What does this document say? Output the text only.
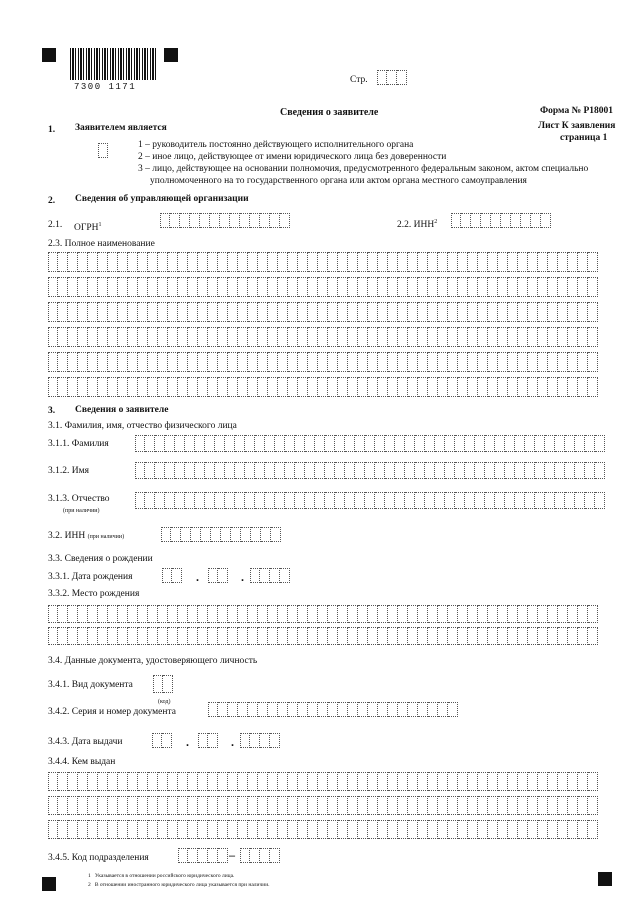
7300 1171
Стр.
Сведения о заявителе	Форма № Р18001
Лист К заявления
страница 1
1. Заявителем является
1 – руководитель постоянно действующего исполнительного органа
2 – иное лицо, действующее от имени юридического лица без доверенности
3 – лицо, действующее на основании полномочия, предусмотренного федеральным законом, актом специально
уполномоченного на то государственного органа или актом органа местного самоуправления
2. Сведения об управляющей организации
2.1. ОГРН$^1$	2.2. ИНН$^2$
2.3. Полное наименование
3. Сведения о заявителе
3.1. Фамилия, имя, отчество физического лица
3.1.1. Фамилия
3.1.2. Имя
3.1.3. Отчество
(при наличии)
3.2. ИНН (при наличии)
3.3. Сведения о рождении
3.3.1. Дата рождения	.	.
3.3.2. Место рождения
3.4. Данные документа, удостоверяющего личность
3.4.1. Вид документа
(код)
3.4.2. Серия и номер документа
3.4.3. Дата выдачи	.	.
3.4.4. Кем выдан
3.4.5. Код подразделения	–
1 Указывается в отношении российского юридического лица.
2 В отношении иностранного юридического лица указывается при наличии.
